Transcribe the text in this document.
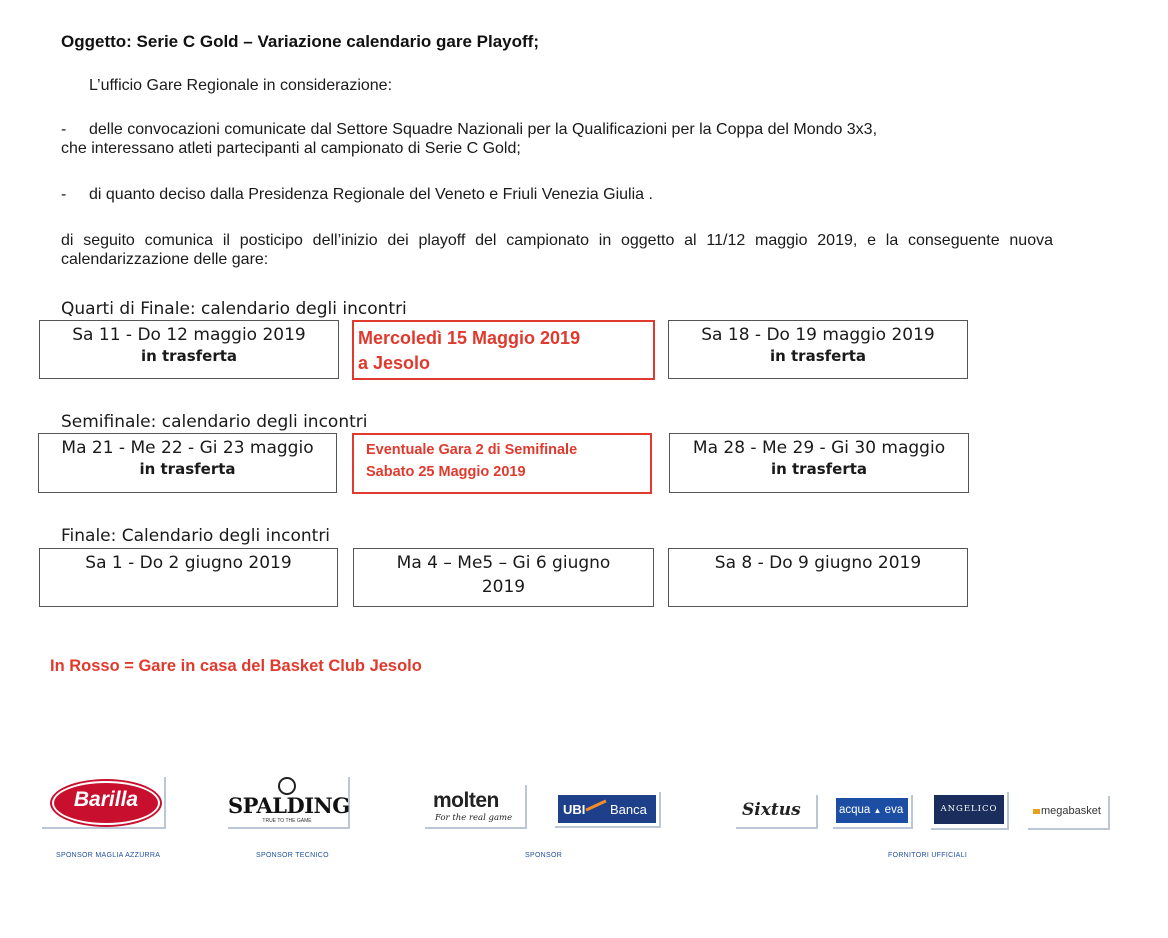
Oggetto: Serie C Gold – Variazione calendario gare Playoff;
L’ufficio Gare Regionale in considerazione:
-	delle convocazioni comunicate dal Settore Squadre Nazionali per la Qualificazioni per la Coppa del Mondo 3x3,
che interessano atleti partecipanti al campionato di Serie C Gold;
- di quanto deciso dalla Presidenza Regionale del Veneto e Friuli Venezia Giulia .
di seguito comunica il posticipo dell’inizio dei playoff del campionato in oggetto al 11/12 maggio 2019, e la conseguente nuova calendarizzazione delle gare:
Quarti di Finale: calendario degli incontri
Sa 11 - Do 12 maggio 2019
in trasferta
Mercoledì 15 Maggio 2019
a Jesolo
Sa 18 - Do 19 maggio 2019
in trasferta
Semifinale: calendario degli incontri
Ma 21 - Me 22 - Gi 23 maggio
in trasferta
Eventuale Gara 2 di Semifinale
Sabato 25 Maggio 2019
Ma 28 - Me 29 - Gi 30 maggio
in trasferta
Finale: Calendario degli incontri
Sa 1 - Do 2 giugno 2019	Ma 4 – Me5 – Gi 6 giugno
2019
Sa 8 - Do 9 giugno 2019
In Rosso = Gare in casa del Basket Club Jesolo
Barilla
SPONSOR MAGLIA AZZURRA
SPALDING
TRUE TO THE GAME
SPONSOR TECNICO
molten
For the real game
UBI Banca
SPONSOR
Sixtus	acqua ▲ eva	ANGELICO	megabasket
FORNITORI UFFICIALI
